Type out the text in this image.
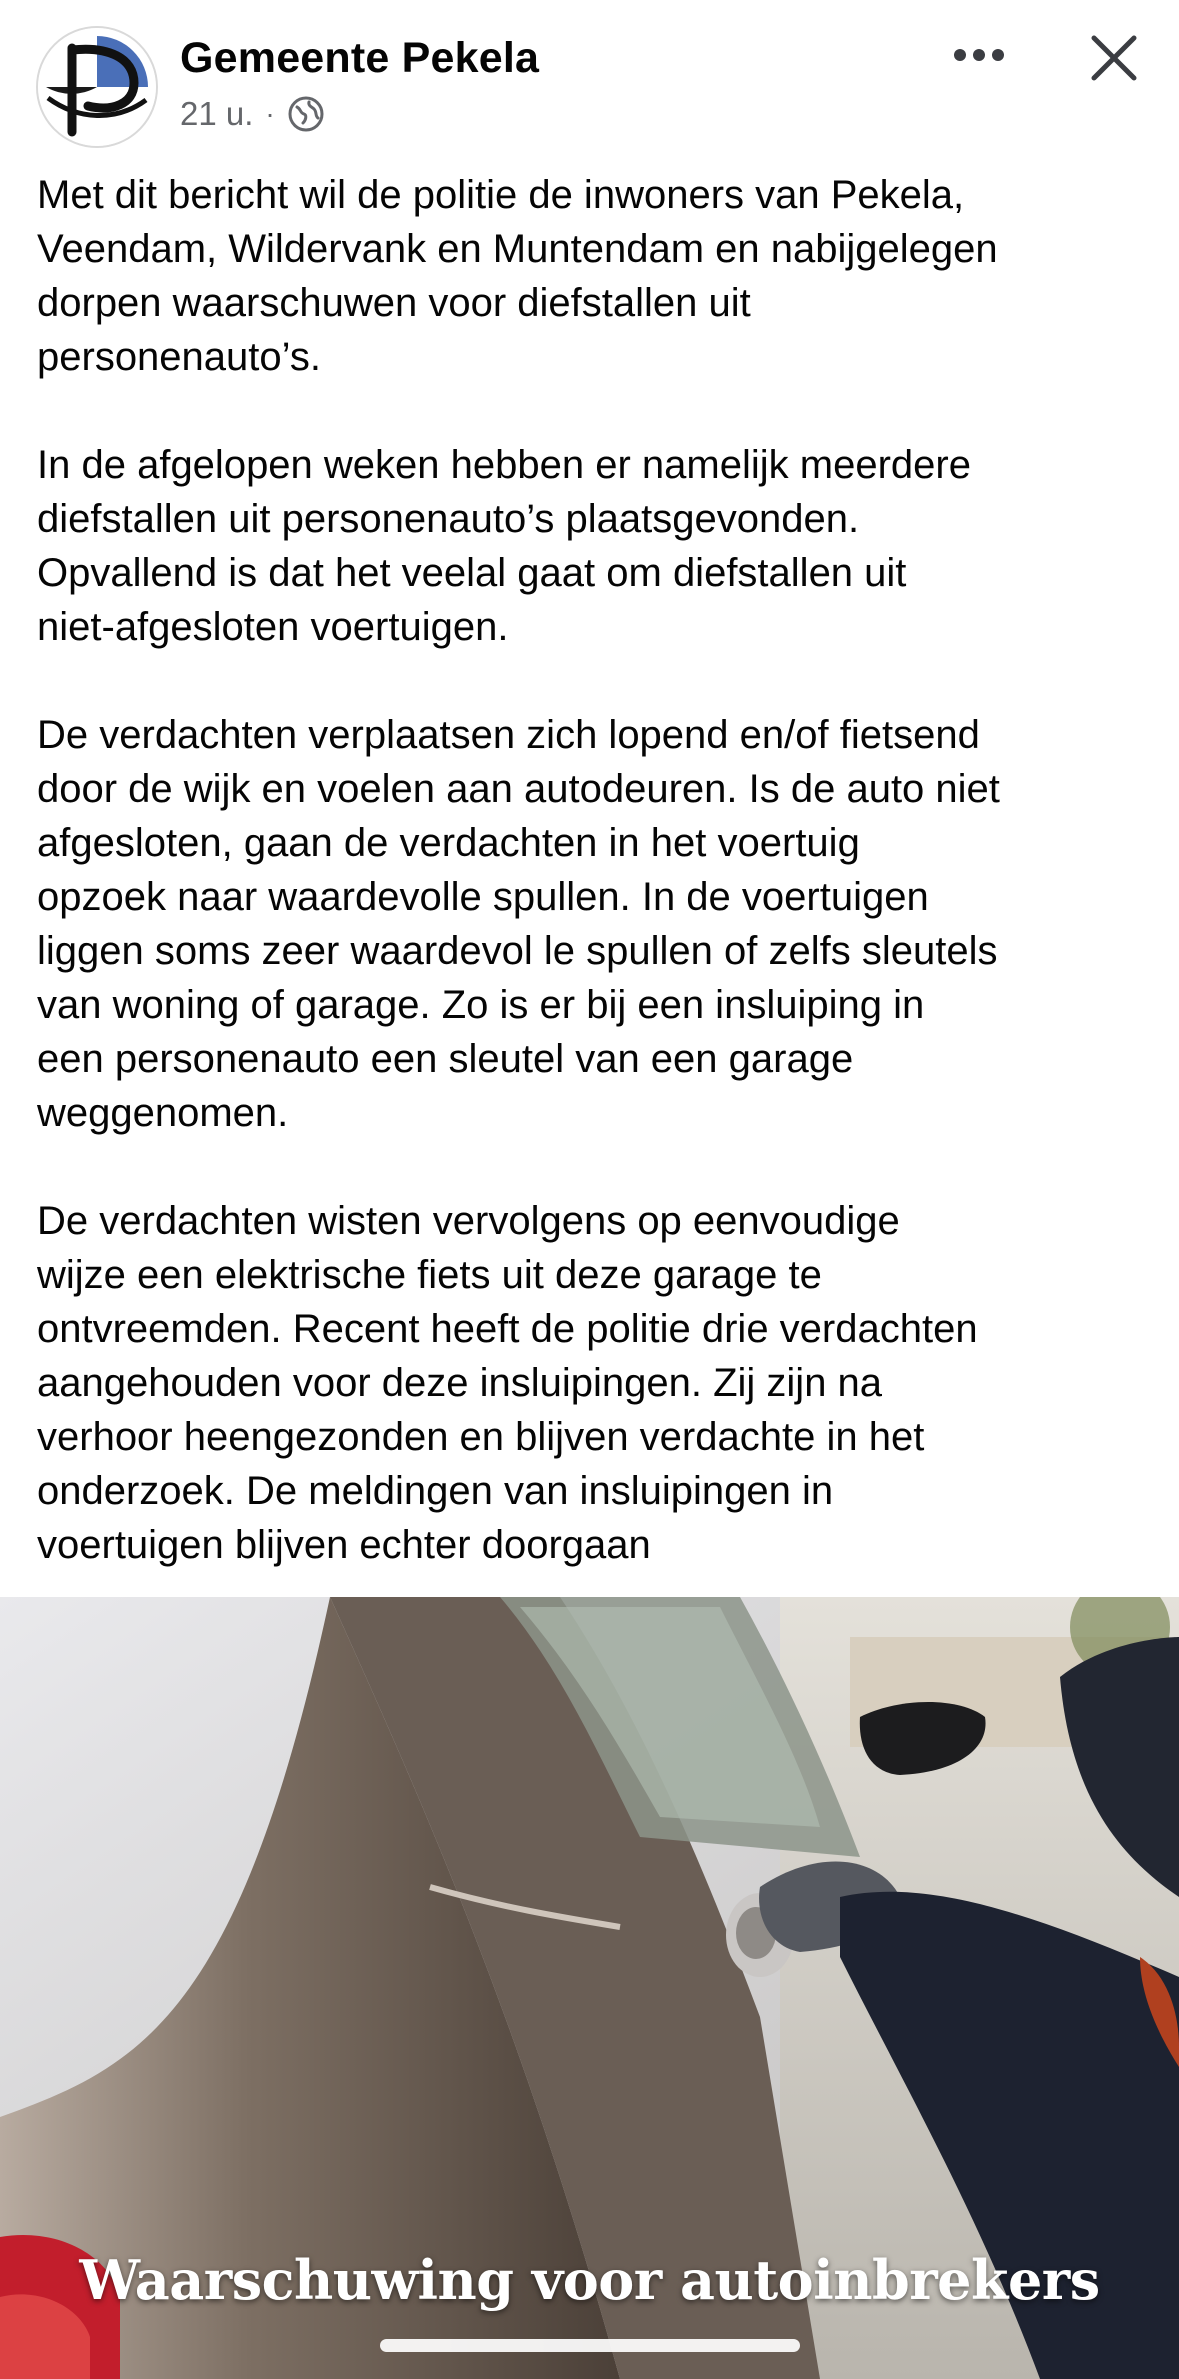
Gemeente Pekela
21 u. ·

Met dit bericht wil de politie de inwoners van Pekela,
Veendam, Wildervank en Muntendam en nabijgelegen
dorpen waarschuwen voor diefstallen uit
personenauto’s.

In de afgelopen weken hebben er namelijk meerdere
diefstallen uit personenauto’s plaatsgevonden.
Opvallend is dat het veelal gaat om diefstallen uit
niet-afgesloten voertuigen.

De verdachten verplaatsen zich lopend en/of fietsend
door de wijk en voelen aan autodeuren. Is de auto niet
afgesloten, gaan de verdachten in het voertuig
opzoek naar waardevolle spullen. In de voertuigen
liggen soms zeer waardevol le spullen of zelfs sleutels
van woning of garage. Zo is er bij een insluiping in
een personenauto een sleutel van een garage
weggenomen.

De verdachten wisten vervolgens op eenvoudige
wijze een elektrische fiets uit deze garage te
ontvreemden. Recent heeft de politie drie verdachten
aangehouden voor deze insluipingen. Zij zijn na
verhoor heengezonden en blijven verdachte in het
onderzoek. De meldingen van insluipingen in
voertuigen blijven echter doorgaan

Waarschuwing voor autoinbrekers
